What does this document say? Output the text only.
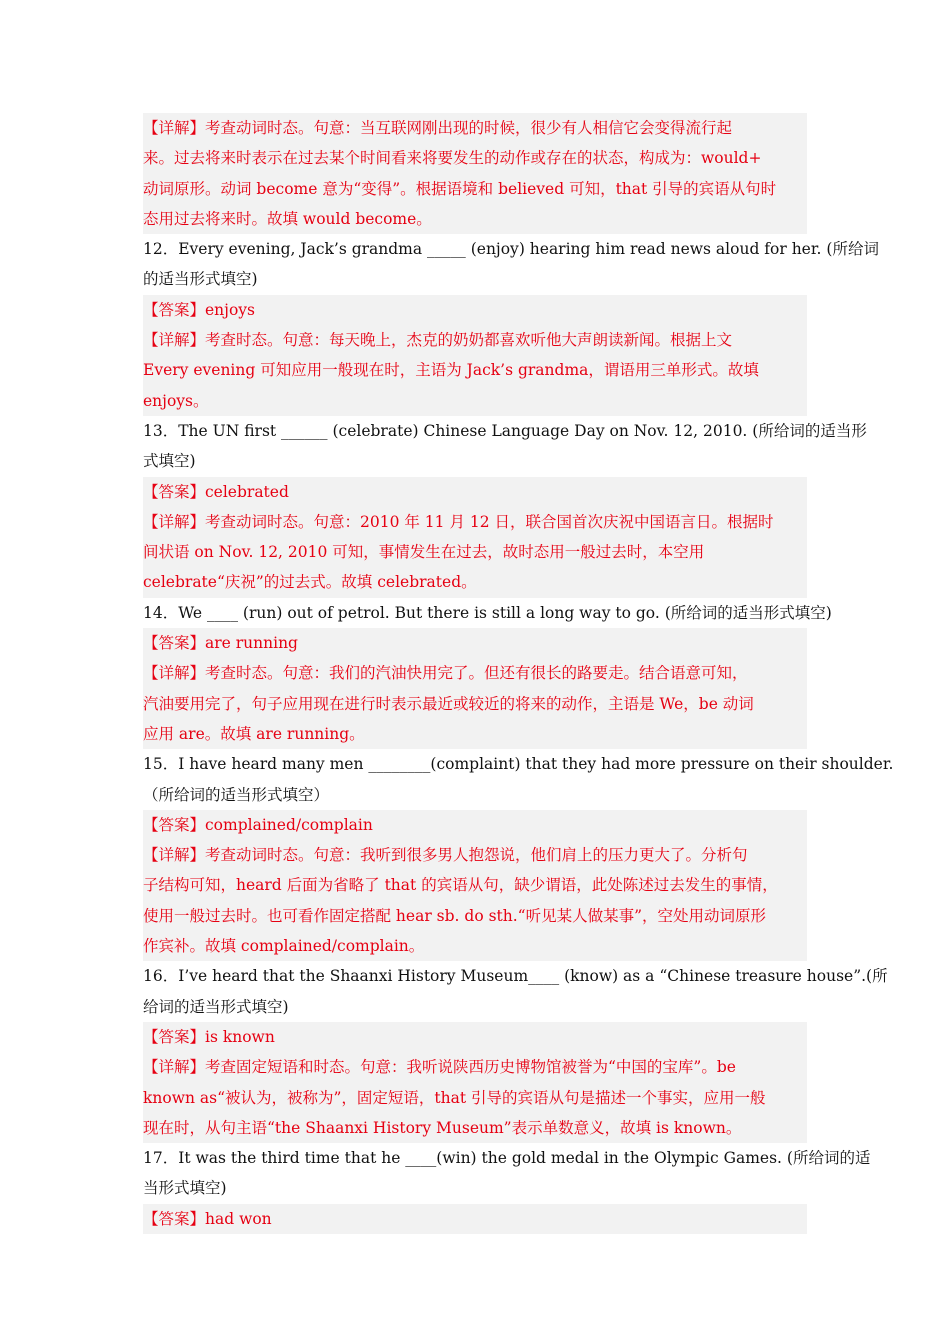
【详解】考查动词时态。句意：当互联网刚出现的时候，很少有人相信它会变得流行起
来。过去将来时表示在过去某个时间看来将要发生的动作或存在的状态，构成为：would+
动词原形。动词 become 意为“变得”。根据语境和 believed 可知，that 引导的宾语从句时
态用过去将来时。故填 would become。
12．Every evening, Jack’s grandma _____ (enjoy) hearing him read news aloud for her. (所给词
的适当形式填空)
【答案】enjoys
【详解】考查时态。句意：每天晚上，杰克的奶奶都喜欢听他大声朗读新闻。根据上文
Every evening 可知应用一般现在时，主语为 Jack’s grandma，谓语用三单形式。故填
enjoys。
13．The UN first ______ (celebrate) Chinese Language Day on Nov. 12, 2010. (所给词的适当形
式填空)
【答案】celebrated
【详解】考查动词时态。句意：2010 年 11 月 12 日，联合国首次庆祝中国语言日。根据时
间状语 on Nov. 12, 2010 可知，事情发生在过去，故时态用一般过去时，本空用
celebrate“庆祝”的过去式。故填 celebrated。
14．We ____ (run) out of petrol. But there is still a long way to go. (所给词的适当形式填空)
【答案】are running
【详解】考查时态。句意：我们的汽油快用完了。但还有很长的路要走。结合语意可知，
汽油要用完了，句子应用现在进行时表示最近或较近的将来的动作，主语是 We，be 动词
应用 are。故填 are running。
15．I have heard many men ________(complaint) that they had more pressure on their shoulder.
（所给词的适当形式填空）
【答案】complained/complain
【详解】考查动词时态。句意：我听到很多男人抱怨说，他们肩上的压力更大了。分析句
子结构可知，heard 后面为省略了 that 的宾语从句，缺少谓语，此处陈述过去发生的事情，
使用一般过去时。也可看作固定搭配 hear sb. do sth.“听见某人做某事”，空处用动词原形
作宾补。故填 complained/complain。
16．I’ve heard that the Shaanxi History Museum____ (know) as a “Chinese treasure house”.(所
给词的适当形式填空)
【答案】is known
【详解】考查固定短语和时态。句意：我听说陕西历史博物馆被誉为“中国的宝库”。be
known as“被认为，被称为”，固定短语，that 引导的宾语从句是描述一个事实，应用一般
现在时，从句主语“the Shaanxi History Museum”表示单数意义，故填 is known。
17．It was the third time that he ____(win) the gold medal in the Olympic Games. (所给词的适
当形式填空)
【答案】had won
